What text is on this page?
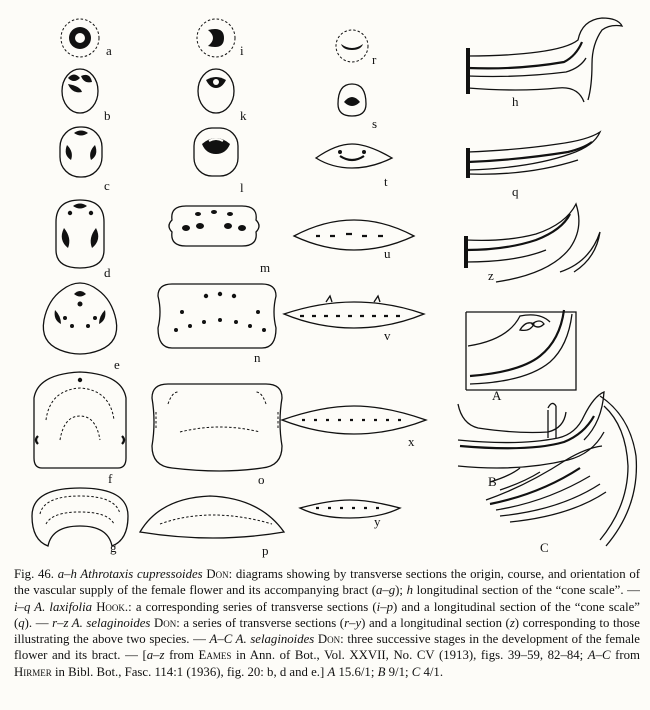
a
b
c
d
e
f
g
i
k
l
m
n
o
p
r
s
t
u
v
x
y
h
q
z
A
B
C

Fig. 46. a–h Athrotaxis cupressoides Don: diagrams showing by transverse sections the origin, course, and orientation of the vascular supply of the female flower and its accompanying bract (a–g); h longitudinal section of the “cone scale”. — i–q A. laxifolia Hook.: a corresponding series of transverse sections (i–p) and a longitudinal section of the “cone scale” (q). — r–z A. selaginoides Don: a series of transverse sections (r–y) and a longitudinal section (z) corresponding to those illustrating the above two species. — A–C A. selaginoides Don: three successive stages in the development of the female flower and its bract. — [a–z from Eames in Ann. of Bot., Vol. XXVII, No. CV (1913), figs. 39–59, 82–84; A–C from Hirmer in Bibl. Bot., Fasc. 114:1 (1936), fig. 20: b, d and e.] A 15.6/1; B 9/1; C 4/1.
